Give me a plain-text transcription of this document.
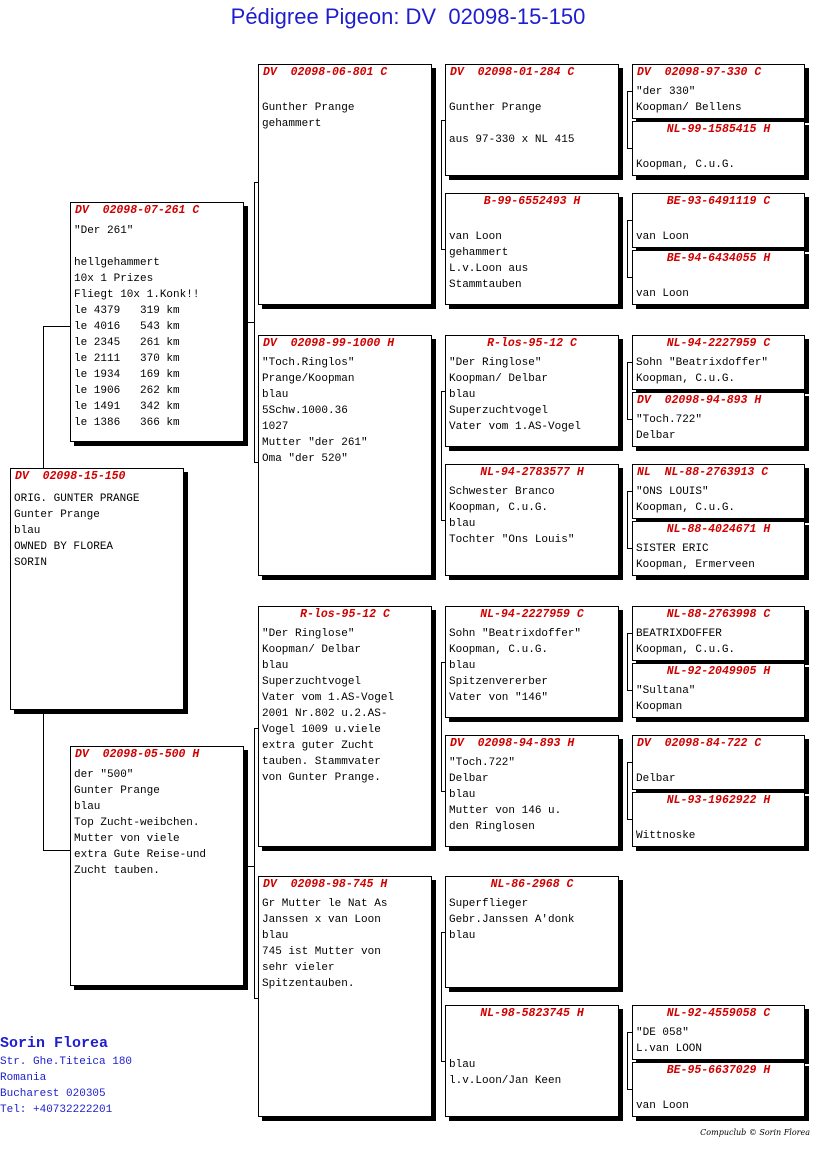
Pédigree Pigeon: DV  02098-15-150
DV  02098-15-150
ORIG. GUNTER PRANGE
Gunter Prange
blau
OWNED BY FLOREA
SORIN
DV  02098-07-261 C
"Der 261"
hellgehammert
10x 1 Prizes
Fliegt 10x 1.Konk!!
le 4379   319 km
le 4016   543 km
le 2345   261 km
le 2111   370 km
le 1934   169 km
le 1906   262 km
le 1491   342 km
le 1386   366 km
DV  02098-05-500 H
der "500"
Gunter Prange
blau
Top Zucht-weibchen.
Mutter von viele
extra Gute Reise-und
Zucht tauben.
DV  02098-06-801 C
Gunther Prange
gehammert
DV  02098-99-1000 H
"Toch.Ringlos"
Prange/Koopman
blau
5Schw.1000.36
1027
Mutter "der 261"
Oma "der 520"
R-los-95-12 C
"Der Ringlose"
Koopman/ Delbar
blau
Superzuchtvogel
Vater vom 1.AS-Vogel
2001 Nr.802 u.2.AS-
Vogel 1009 u.viele
extra guter Zucht
tauben. Stammvater
von Gunter Prange.
DV  02098-98-745 H
Gr Mutter le Nat As
Janssen x van Loon
blau
745 ist Mutter von
sehr vieler
Spitzentauben.
DV  02098-01-284 C
Gunther Prange
aus 97-330 x NL 415
B-99-6552493 H
van Loon
gehammert
L.v.Loon aus
Stammtauben
R-los-95-12 C
"Der Ringlose"
Koopman/ Delbar
blau
Superzuchtvogel
Vater vom 1.AS-Vogel
NL-94-2783577 H
Schwester Branco
Koopman, C.u.G.
blau
Tochter "Ons Louis"
NL-94-2227959 C
Sohn "Beatrixdoffer"
Koopman, C.u.G.
blau
Spitzenvererber
Vater von "146"
DV  02098-94-893 H
"Toch.722"
Delbar
blau
Mutter von 146 u.
den Ringlosen
NL-86-2968 C
Superflieger
Gebr.Janssen A'donk
blau
NL-98-5823745 H
blau
l.v.Loon/Jan Keen
DV  02098-97-330 C
"der 330"
Koopman/ Bellens
NL-99-1585415 H
Koopman, C.u.G.
BE-93-6491119 C
van Loon
BE-94-6434055 H
van Loon
NL-94-2227959 C
Sohn "Beatrixdoffer"
Koopman, C.u.G.
DV  02098-94-893 H
"Toch.722"
Delbar
NL  NL-88-2763913 C
"ONS LOUIS"
Koopman, C.u.G.
NL-88-4024671 H
SISTER ERIC
Koopman, Ermerveen
NL-88-2763998 C
BEATRIXDOFFER
Koopman, C.u.G.
NL-92-2049905 H
"Sultana"
Koopman
DV  02098-84-722 C
Delbar
NL-93-1962922 H
Wittnoske
NL-92-4559058 C
"DE 058"
L.van LOON
BE-95-6637029 H
van Loon
Sorin Florea
Str. Ghe.Titeica 180
Romania
Bucharest 020305
Tel: +40732222201
Compuclub © Sorin Florea
